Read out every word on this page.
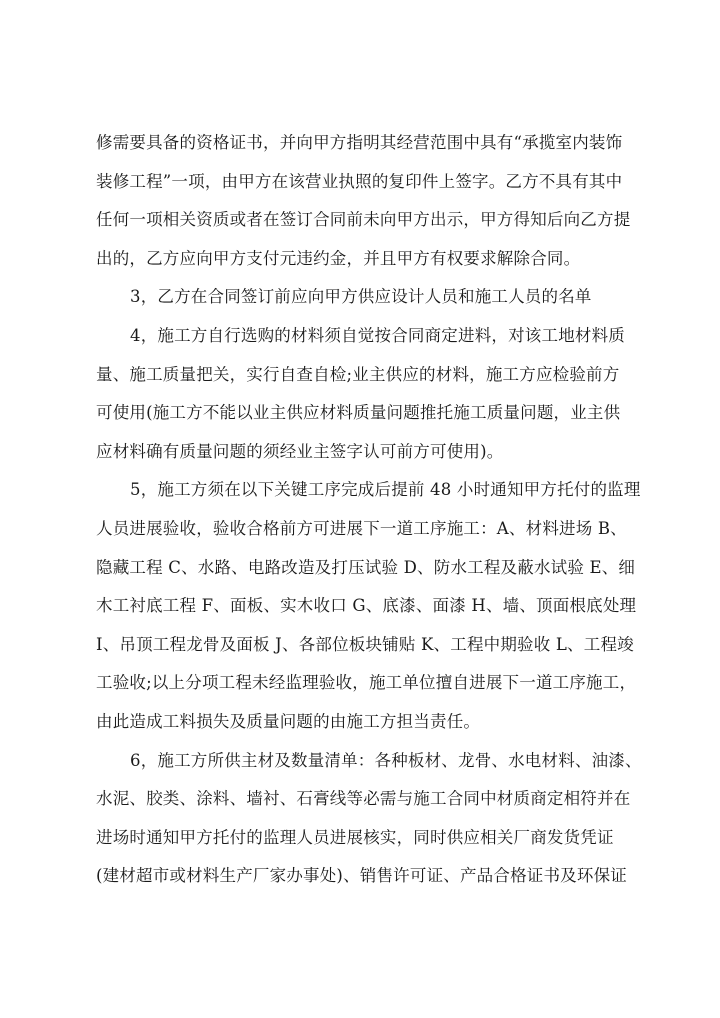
修需要具备的资格证书，并向甲方指明其经营范围中具有“承揽室内装饰
装修工程”一项，由甲方在该营业执照的复印件上签字。乙方不具有其中
任何一项相关资质或者在签订合同前未向甲方出示，甲方得知后向乙方提
出的，乙方应向甲方支付元违约金，并且甲方有权要求解除合同。
3，乙方在合同签订前应向甲方供应设计人员和施工人员的名单
4，施工方自行选购的材料须自觉按合同商定进料，对该工地材料质
量、施工质量把关，实行自查自检;业主供应的材料，施工方应检验前方
可使用(施工方不能以业主供应材料质量问题推托施工质量问题，业主供
应材料确有质量问题的须经业主签字认可前方可使用)。
5，施工方须在以下关键工序完成后提前 48 小时通知甲方托付的监理
人员进展验收，验收合格前方可进展下一道工序施工：A、材料进场 B、
隐藏工程 C、水路、电路改造及打压试验 D、防水工程及蔽水试验 E、细
木工衬底工程 F、面板、实木收口 G、底漆、面漆 H、墙、顶面根底处理
I、吊顶工程龙骨及面板 J、各部位板块铺贴 K、工程中期验收 L、工程竣
工验收;以上分项工程未经监理验收，施工单位擅自进展下一道工序施工，
由此造成工料损失及质量问题的由施工方担当责任。
6，施工方所供主材及数量清单：各种板材、龙骨、水电材料、油漆、
水泥、胶类、涂料、墙衬、石膏线等必需与施工合同中材质商定相符并在
进场时通知甲方托付的监理人员进展核实，同时供应相关厂商发货凭证
(建材超市或材料生产厂家办事处)、销售许可证、产品合格证书及环保证
